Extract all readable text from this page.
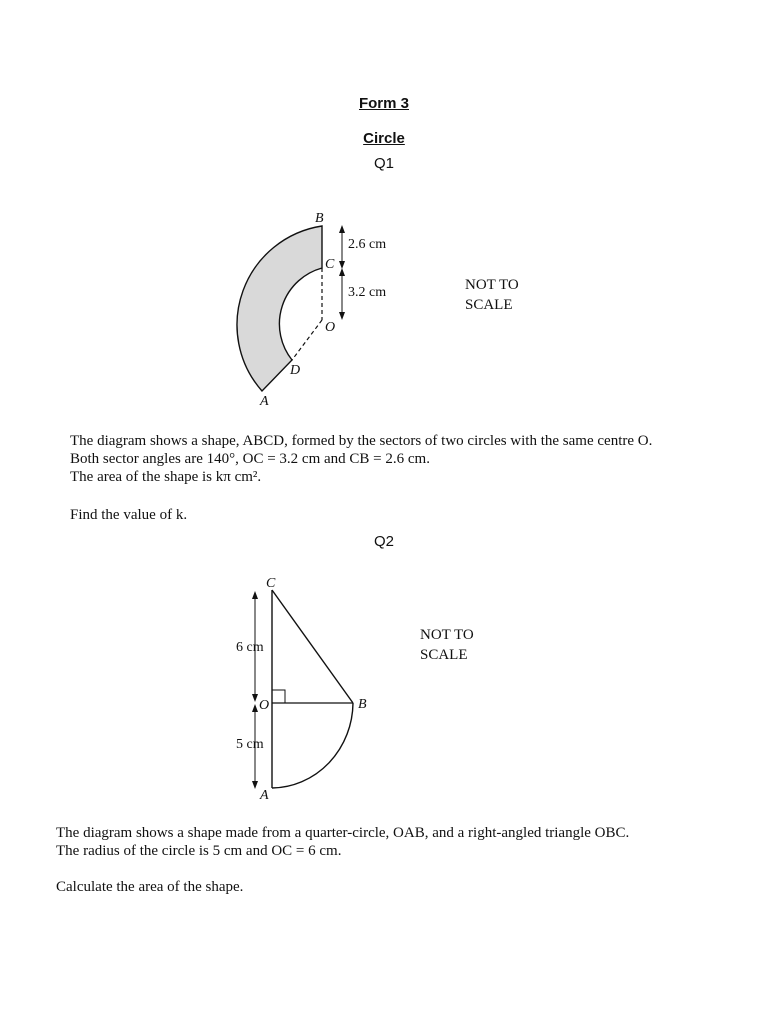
Form 3
Circle
Q1
B
C
O
D
A
2.6 cm
3.2 cm	NOT TO SCALE
The diagram shows a shape, ABCD, formed by the sectors of two circles with the same centre O.
Both sector angles are 140°, OC = 3.2 cm and CB = 2.6 cm.
The area of the shape is kπ cm².
Find the value of k.
Q2
C
O	B
A
6 cm
5 cm
NOT TO SCALE
The diagram shows a shape made from a quarter-circle, OAB, and a right-angled triangle OBC.
The radius of the circle is 5 cm and OC = 6 cm.
Calculate the area of the shape.
